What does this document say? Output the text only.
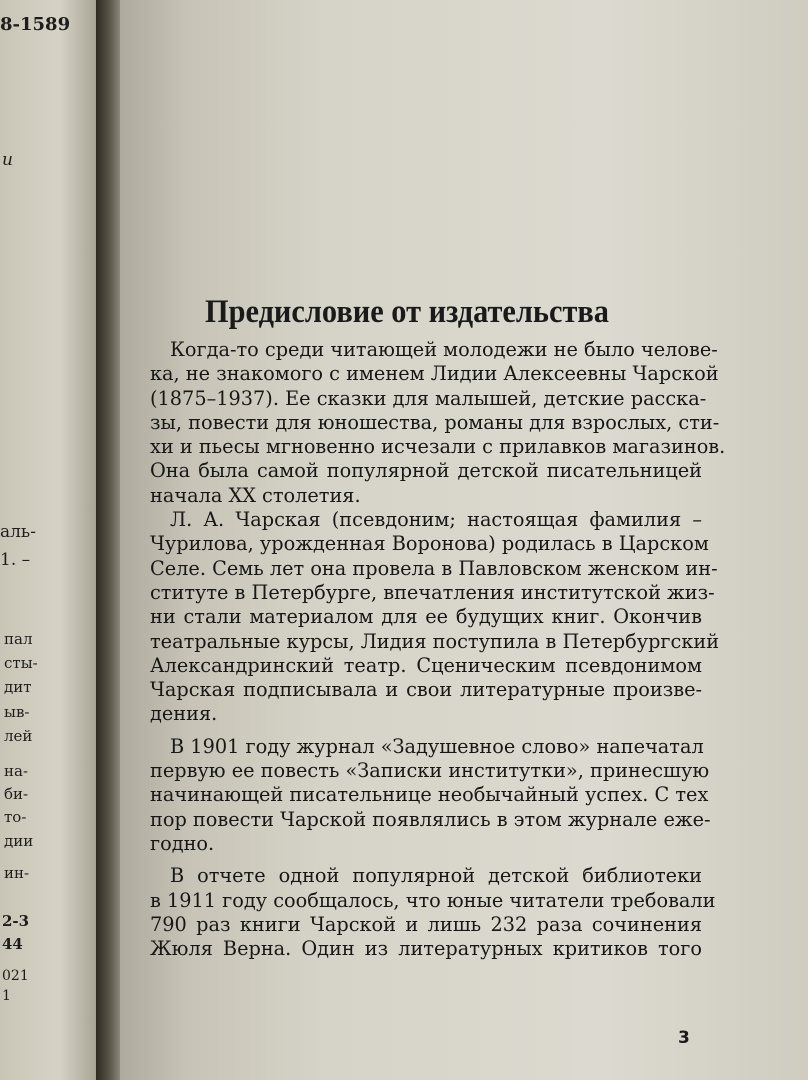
8-1589
и
аль-
1. –
пал
сты-
дит
ыв-
лей
на-
би-
то-
дии
ин-
2-3
44
021
1
Предисловие от издательства

Когда-то среди читающей молодежи не было челове-
ка, не знакомого с именем Лидии Алексеевны Чарской
(1875–1937). Ее сказки для малышей, детские расска-
зы, повести для юношества, романы для взрослых, сти-
хи и пьесы мгновенно исчезали с прилавков магазинов.
Она была самой популярной детской писательницей
начала XX столетия.

Л. А. Чарская (псевдоним; настоящая фамилия –
Чурилова, урожденная Воронова) родилась в Царском
Селе. Семь лет она провела в Павловском женском ин-
ституте в Петербурге, впечатления институтской жиз-
ни стали материалом для ее будущих книг. Окончив
театральные курсы, Лидия поступила в Петербургский
Александринский театр. Сценическим псевдонимом
Чарская подписывала и свои литературные произве-
дения.

В 1901 году журнал «Задушевное слово» напечатал
первую ее повесть «Записки институтки», принесшую
начинающей писательнице необычайный успех. С тех
пор повести Чарской появлялись в этом журнале еже-
годно.

В отчете одной популярной детской библиотеки
в 1911 году сообщалось, что юные читатели требовали
790 раз книги Чарской и лишь 232 раза сочинения
Жюля Верна. Один из литературных критиков того

3
